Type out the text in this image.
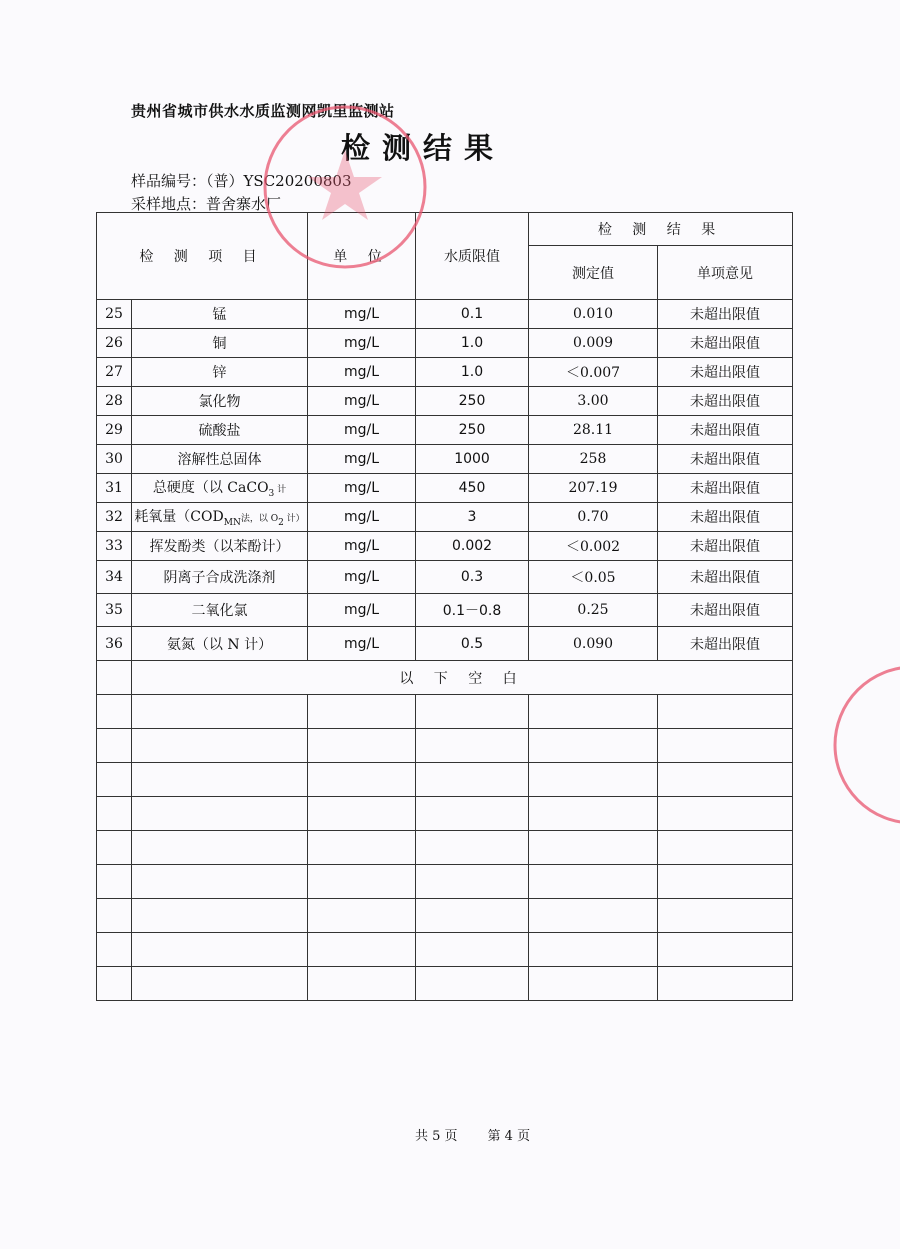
贵州省城市供水水质监测网凯里监测站
检测结果
样品编号：（普）YSC20200803
采样地点：普舍寨水厂
检 测 项 目		单 位	水质限值	检 测 结 果	
				测定值	单项意见
25	锰	mg/L	0.1	0.010	未超出限值
26	铜	mg/L	1.0	0.009	未超出限值
27	锌	mg/L	1.0	＜0.007	未超出限值
28	氯化物	mg/L	250	3.00	未超出限值
29	硫酸盐	mg/L	250	28.11	未超出限值
30	溶解性总固体	mg/L	1000	258	未超出限值
31	总硬度（以 CaCO$_3$ 计	mg/L	450	207.19	未超出限值
32	耗氧量（$COD_{MN}$法，以 $O_2$ 计）	mg/L	3	0.70	未超出限值
33	挥发酚类（以苯酚计）	mg/L	0.002	＜0.002	未超出限值
34	阴离子合成洗涤剂	mg/L	0.3	＜0.05	未超出限值
35	二氧化氯	mg/L	0.1－0.8	0.25	未超出限值
36	氨氮（以 N 计）	mg/L	0.5	0.090	未超出限值
	以 下 空 白				

共 5 页 第 4 页
